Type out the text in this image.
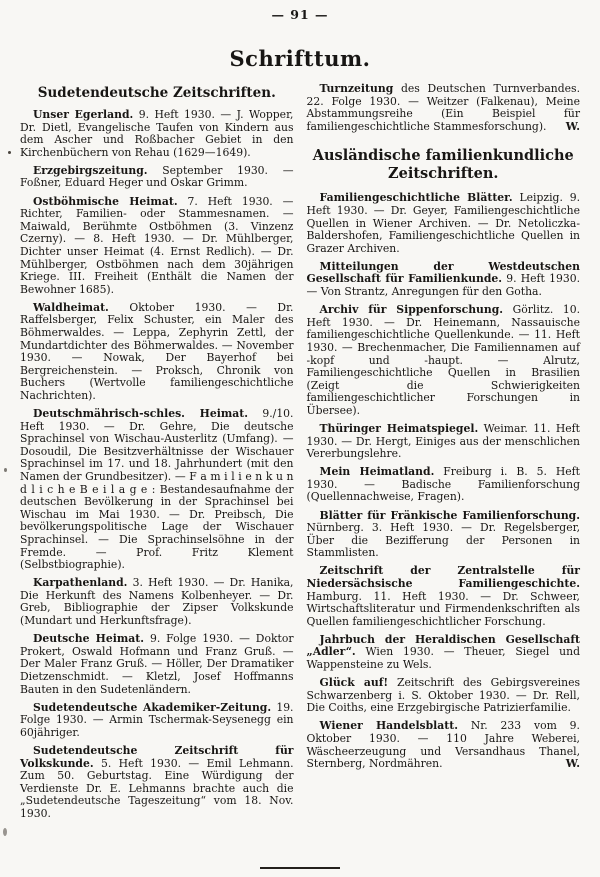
— 91 —
Schrifttum.
Sudetendeutsche Zeitschriften.

Unser Egerland. 9. Heft 1930. — J. Wopper, Dr. Dietl, Evangelische Taufen von Kindern aus dem Ascher und Roßbacher Gebiet in den Kirchenbüchern von Rehau (1629—1649).

Erzgebirgszeitung. September 1930. — Foßner, Eduard Heger und Oskar Grimm.

Ostböhmische Heimat. 7. Heft 1930. — Richter, Familien- oder Stammesnamen. — Maiwald, Berühmte Ostböhmen (3. Vinzenz Czerny). — 8. Heft 1930. — Dr. Mühlberger, Dichter unser Heimat (4. Ernst Redlich). — Dr. Mühlberger, Ostböhmen nach dem 30jährigen Kriege. III. Freiheit (Enthält die Namen der Bewohner 1685).

Waldheimat. Oktober 1930. — Dr. Raffelsberger, Felix Schuster, ein Maler des Böhmerwaldes. — Leppa, Zephyrin Zettl, der Mundartdichter des Böhmerwaldes. — November 1930. — Nowak, Der Bayerhof bei Bergreichenstein. — Proksch, Chronik von Buchers (Wertvolle familiengeschichtliche Nachrichten).

Deutschmährisch-schles. Heimat. 9./10. Heft 1930. — Dr. Gehre, Die deutsche Sprachinsel von Wischau-Austerlitz (Umfang). — Dosoudil, Die Besitzverhältnisse der Wischauer Sprachinsel im 17. und 18. Jahrhundert (mit den Namen der Grundbesitzer). — F a m i l i e n k u n d l i c h e B e i l a g e : Bestandesaufnahme der deutschen Bevölkerung in der Sprachinsel bei Wischau im Mai 1930. — Dr. Preibsch, Die bevölkerungspolitische Lage der Wischauer Sprachinsel. — Die Sprachinselsöhne in der Fremde. — Prof. Fritz Klement (Selbstbiographie).

Karpathenland. 3. Heft 1930. — Dr. Hanika, Die Herkunft des Namens Kolbenheyer. — Dr. Greb, Bibliographie der Zipser Volkskunde (Mundart und Herkunftsfrage).

Deutsche Heimat. 9. Folge 1930. — Doktor Prokert, Oswald Hofmann und Franz Gruß. — Der Maler Franz Gruß. — Höller, Der Dramatiker Dietzenschmidt. — Kletzl, Josef Hoffmanns Bauten in den Sudetenländern.

Sudetendeutsche Akademiker-Zeitung. 19. Folge 1930. — Armin Tschermak-Seysenegg ein 60jähriger.

Sudetendeutsche Zeitschrift für Volkskunde. 5. Heft 1930. — Emil Lehmann. Zum 50. Geburtstag. Eine Würdigung der Verdienste Dr. E. Lehmanns brachte auch die „Sudetendeutsche Tageszeitung“ vom 18. Nov. 1930.

Turnzeitung des Deutschen Turnverbandes. 22. Folge 1930. — Weitzer (Falkenau), Meine Abstammungsreihe (Ein Beispiel für familiengeschichtliche Stammesforschung).	W.

Ausländische familienkundliche Zeitschriften.

Familiengeschichtliche Blätter. Leipzig. 9. Heft 1930. — Dr. Geyer, Familiengeschichtliche Quellen in Wiener Archiven. — Dr. Netoliczka-Baldershofen, Familiengeschichtliche Quellen in Grazer Archiven.

Mitteilungen der Westdeutschen Gesellschaft für Familienkunde. 9. Heft 1930. — Von Strantz, Anregungen für den Gotha.

Archiv für Sippenforschung. Görlitz. 10. Heft 1930. — Dr. Heinemann, Nassauische familiengeschichtliche Quellenkunde. — 11. Heft 1930. — Brechenmacher, Die Familiennamen auf -kopf und -haupt. — Alrutz, Familiengeschichtliche Quellen in Brasilien (Zeigt die Schwierigkeiten familiengeschichtlicher Forschungen in Übersee).

Thüringer Heimatspiegel. Weimar. 11. Heft 1930. — Dr. Hergt, Einiges aus der menschlichen Vererbungslehre.

Mein Heimatland. Freiburg i. B. 5. Heft 1930. — Badische Familienforschung (Quellennachweise, Fragen).

Blätter für Fränkische Familienforschung. Nürnberg. 3. Heft 1930. — Dr. Regelsberger, Über die Bezifferung der Personen in Stammlisten.

Zeitschrift der Zentralstelle für Niedersächsische Familiengeschichte. Hamburg. 11. Heft 1930. — Dr. Schweer, Wirtschaftsliteratur und Firmendenkschriften als Quellen familiengeschichtlicher Forschung.

Jahrbuch der Heraldischen Gesellschaft „Adler“. Wien 1930. — Theuer, Siegel und Wappensteine zu Wels.

Glück auf! Zeitschrift des Gebirgsvereines Schwarzenberg i. S. Oktober 1930. — Dr. Rell, Die Coiths, eine Erzgebirgische Patrizierfamilie.

Wiener Handelsblatt. Nr. 233 vom 9. Oktober 1930. — 110 Jahre Weberei, Wäscheerzeugung und Versandhaus Thanel, Sternberg, Nordmähren.	W.
